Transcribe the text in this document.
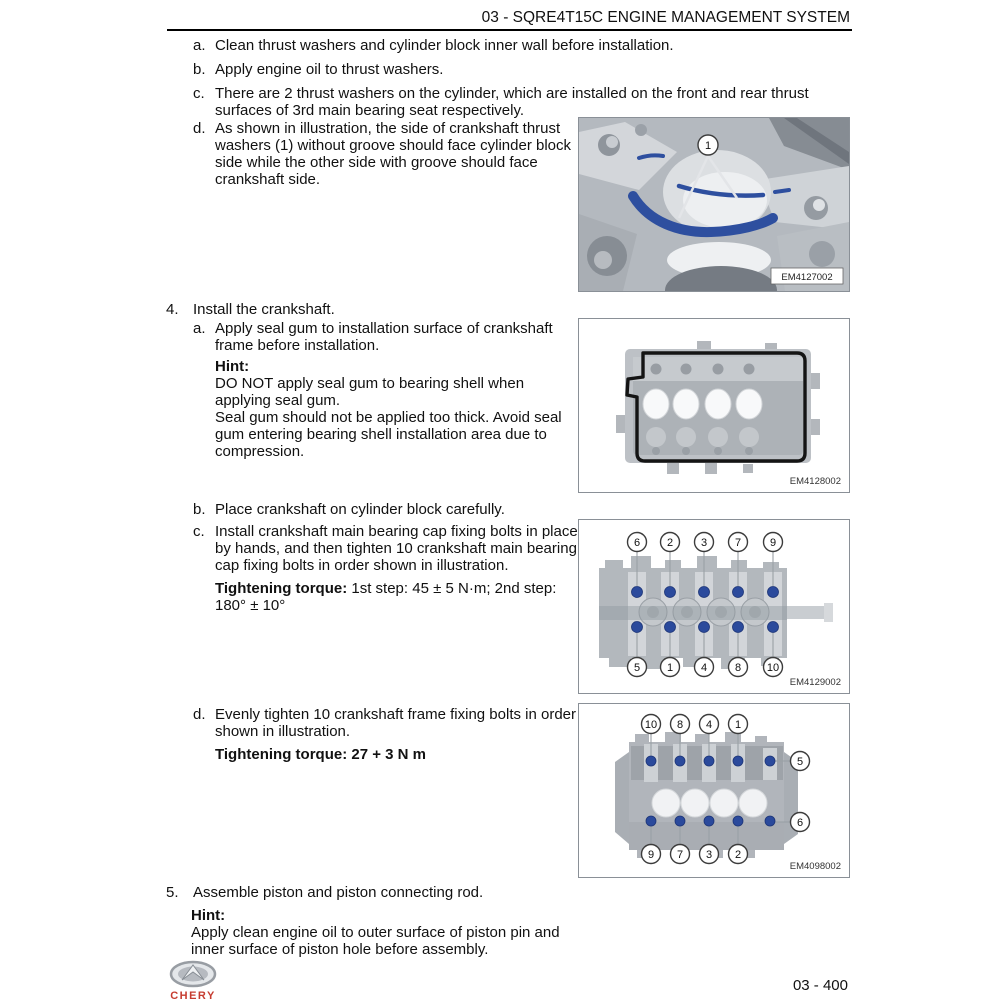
03 - SQRE4T15C ENGINE MANAGEMENT SYSTEM
a. Clean thrust washers and cylinder block inner wall before installation.
b. Apply engine oil to thrust washers.
c. There are 2 thrust washers on the cylinder, which are installed on the front and rear thrust surfaces of 3rd main bearing seat respectively.
d. As shown in illustration, the side of crankshaft thrust washers (1) without groove should face cylinder block side while the other side with groove should face crankshaft side.
1
EM4127002
4. Install the crankshaft.
a. Apply seal gum to installation surface of crankshaft frame before installation.

Hint:

DO NOT apply seal gum to bearing shell when applying seal gum.

Seal gum should not be applied too thick. Avoid seal gum entering bearing shell installation area due to compression.

EM4128002
b. Place crankshaft on cylinder block carefully.
c. Install crankshaft main bearing cap fixing bolts in place by hands, and then tighten 10 crankshaft main bearing cap fixing bolts in order shown in illustration.

Tightening torque: 1st step: 45 ± 5 N·m; 2nd step: 180° ± 10°

6 2	3	7	9
5 1	4	8 10
EM4129002
d. Evenly tighten 10 crankshaft frame fixing bolts in order shown in illustration.

Tightening torque: 27 + 3 N m

10 8 4 1
5
6
9 7 3 2
EM4098002
5. Assemble piston and piston connecting rod.

Hint:

Apply clean engine oil to outer surface of piston pin and inner surface of piston hole before assembly.

CHERY
03 - 400
